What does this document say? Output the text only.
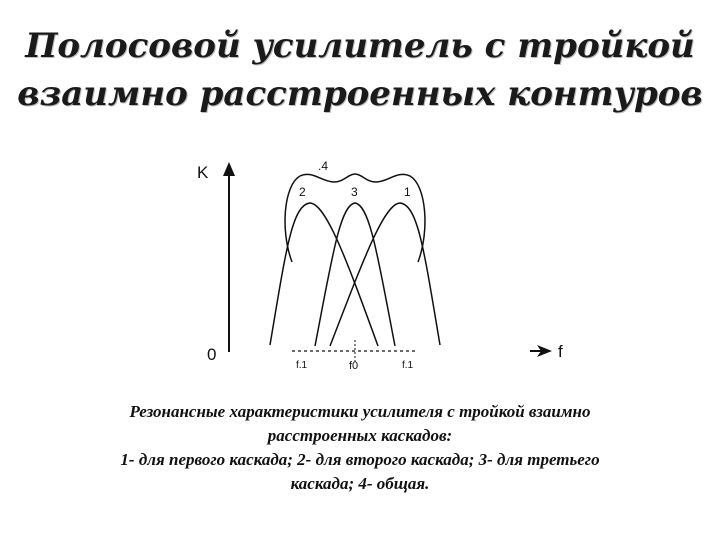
Полосовой усилитель с тройкой
взаимно расстроенных контуров
K
0	f
.4
2	3	1
f.1	f0	f.1
Резонансные характеристики усилителя с тройкой взаимно
расстроенных каскадов:
1- для первого каскада; 2- для второго каскада; 3- для третьего
каскада; 4- общая.
